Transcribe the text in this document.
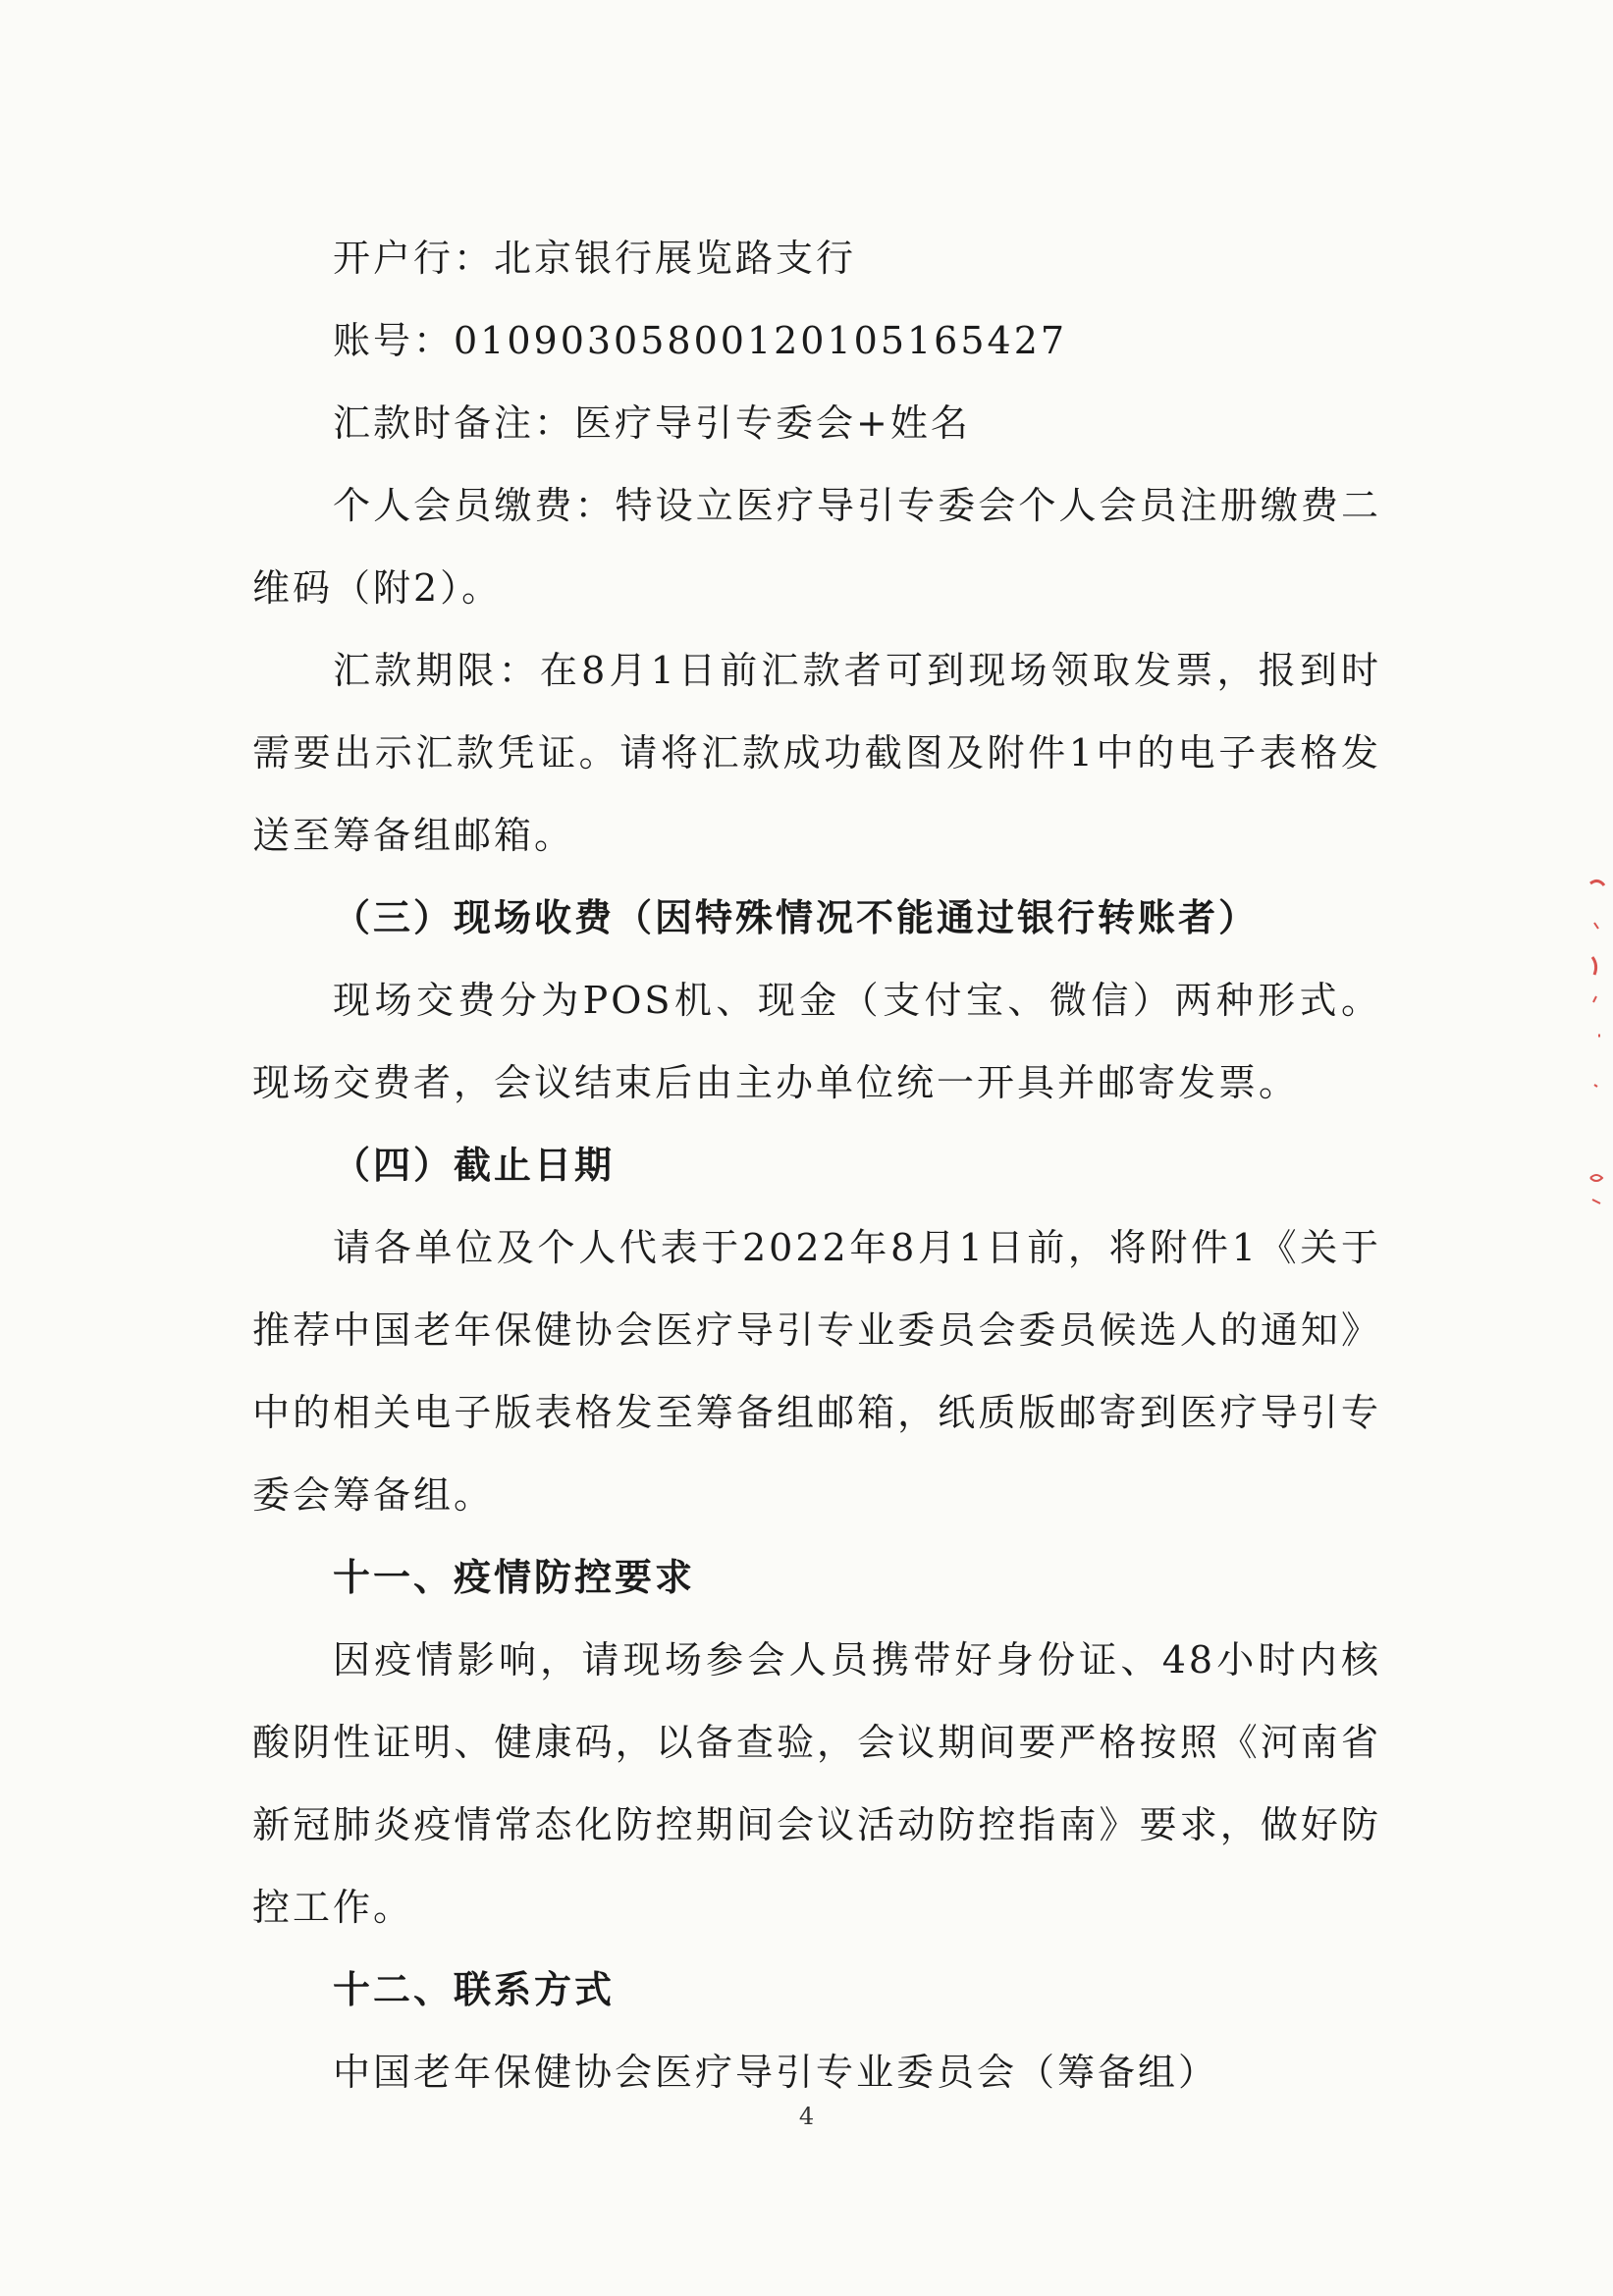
开户行：北京银行展览路支行

账号：01090305800120105165427

汇款时备注：医疗导引专委会+姓名

个人会员缴费：特设立医疗导引专委会个人会员注册缴费二维码（附2）。

汇款期限：在8月1日前汇款者可到现场领取发票，报到时需要出示汇款凭证。请将汇款成功截图及附件1中的电子表格发送至筹备组邮箱。

（三）现场收费（因特殊情况不能通过银行转账者）

现场交费分为POS机、现金（支付宝、微信）两种形式。现场交费者，会议结束后由主办单位统一开具并邮寄发票。

（四）截止日期

请各单位及个人代表于2022年8月1日前，将附件1《关于推荐中国老年保健协会医疗导引专业委员会委员候选人的通知》中的相关电子版表格发至筹备组邮箱，纸质版邮寄到医疗导引专委会筹备组。

十一、疫情防控要求

因疫情影响，请现场参会人员携带好身份证、48小时内核酸阴性证明、健康码，以备查验，会议期间要严格按照《河南省新冠肺炎疫情常态化防控期间会议活动防控指南》要求，做好防控工作。

十二、联系方式

中国老年保健协会医疗导引专业委员会（筹备组）

4
